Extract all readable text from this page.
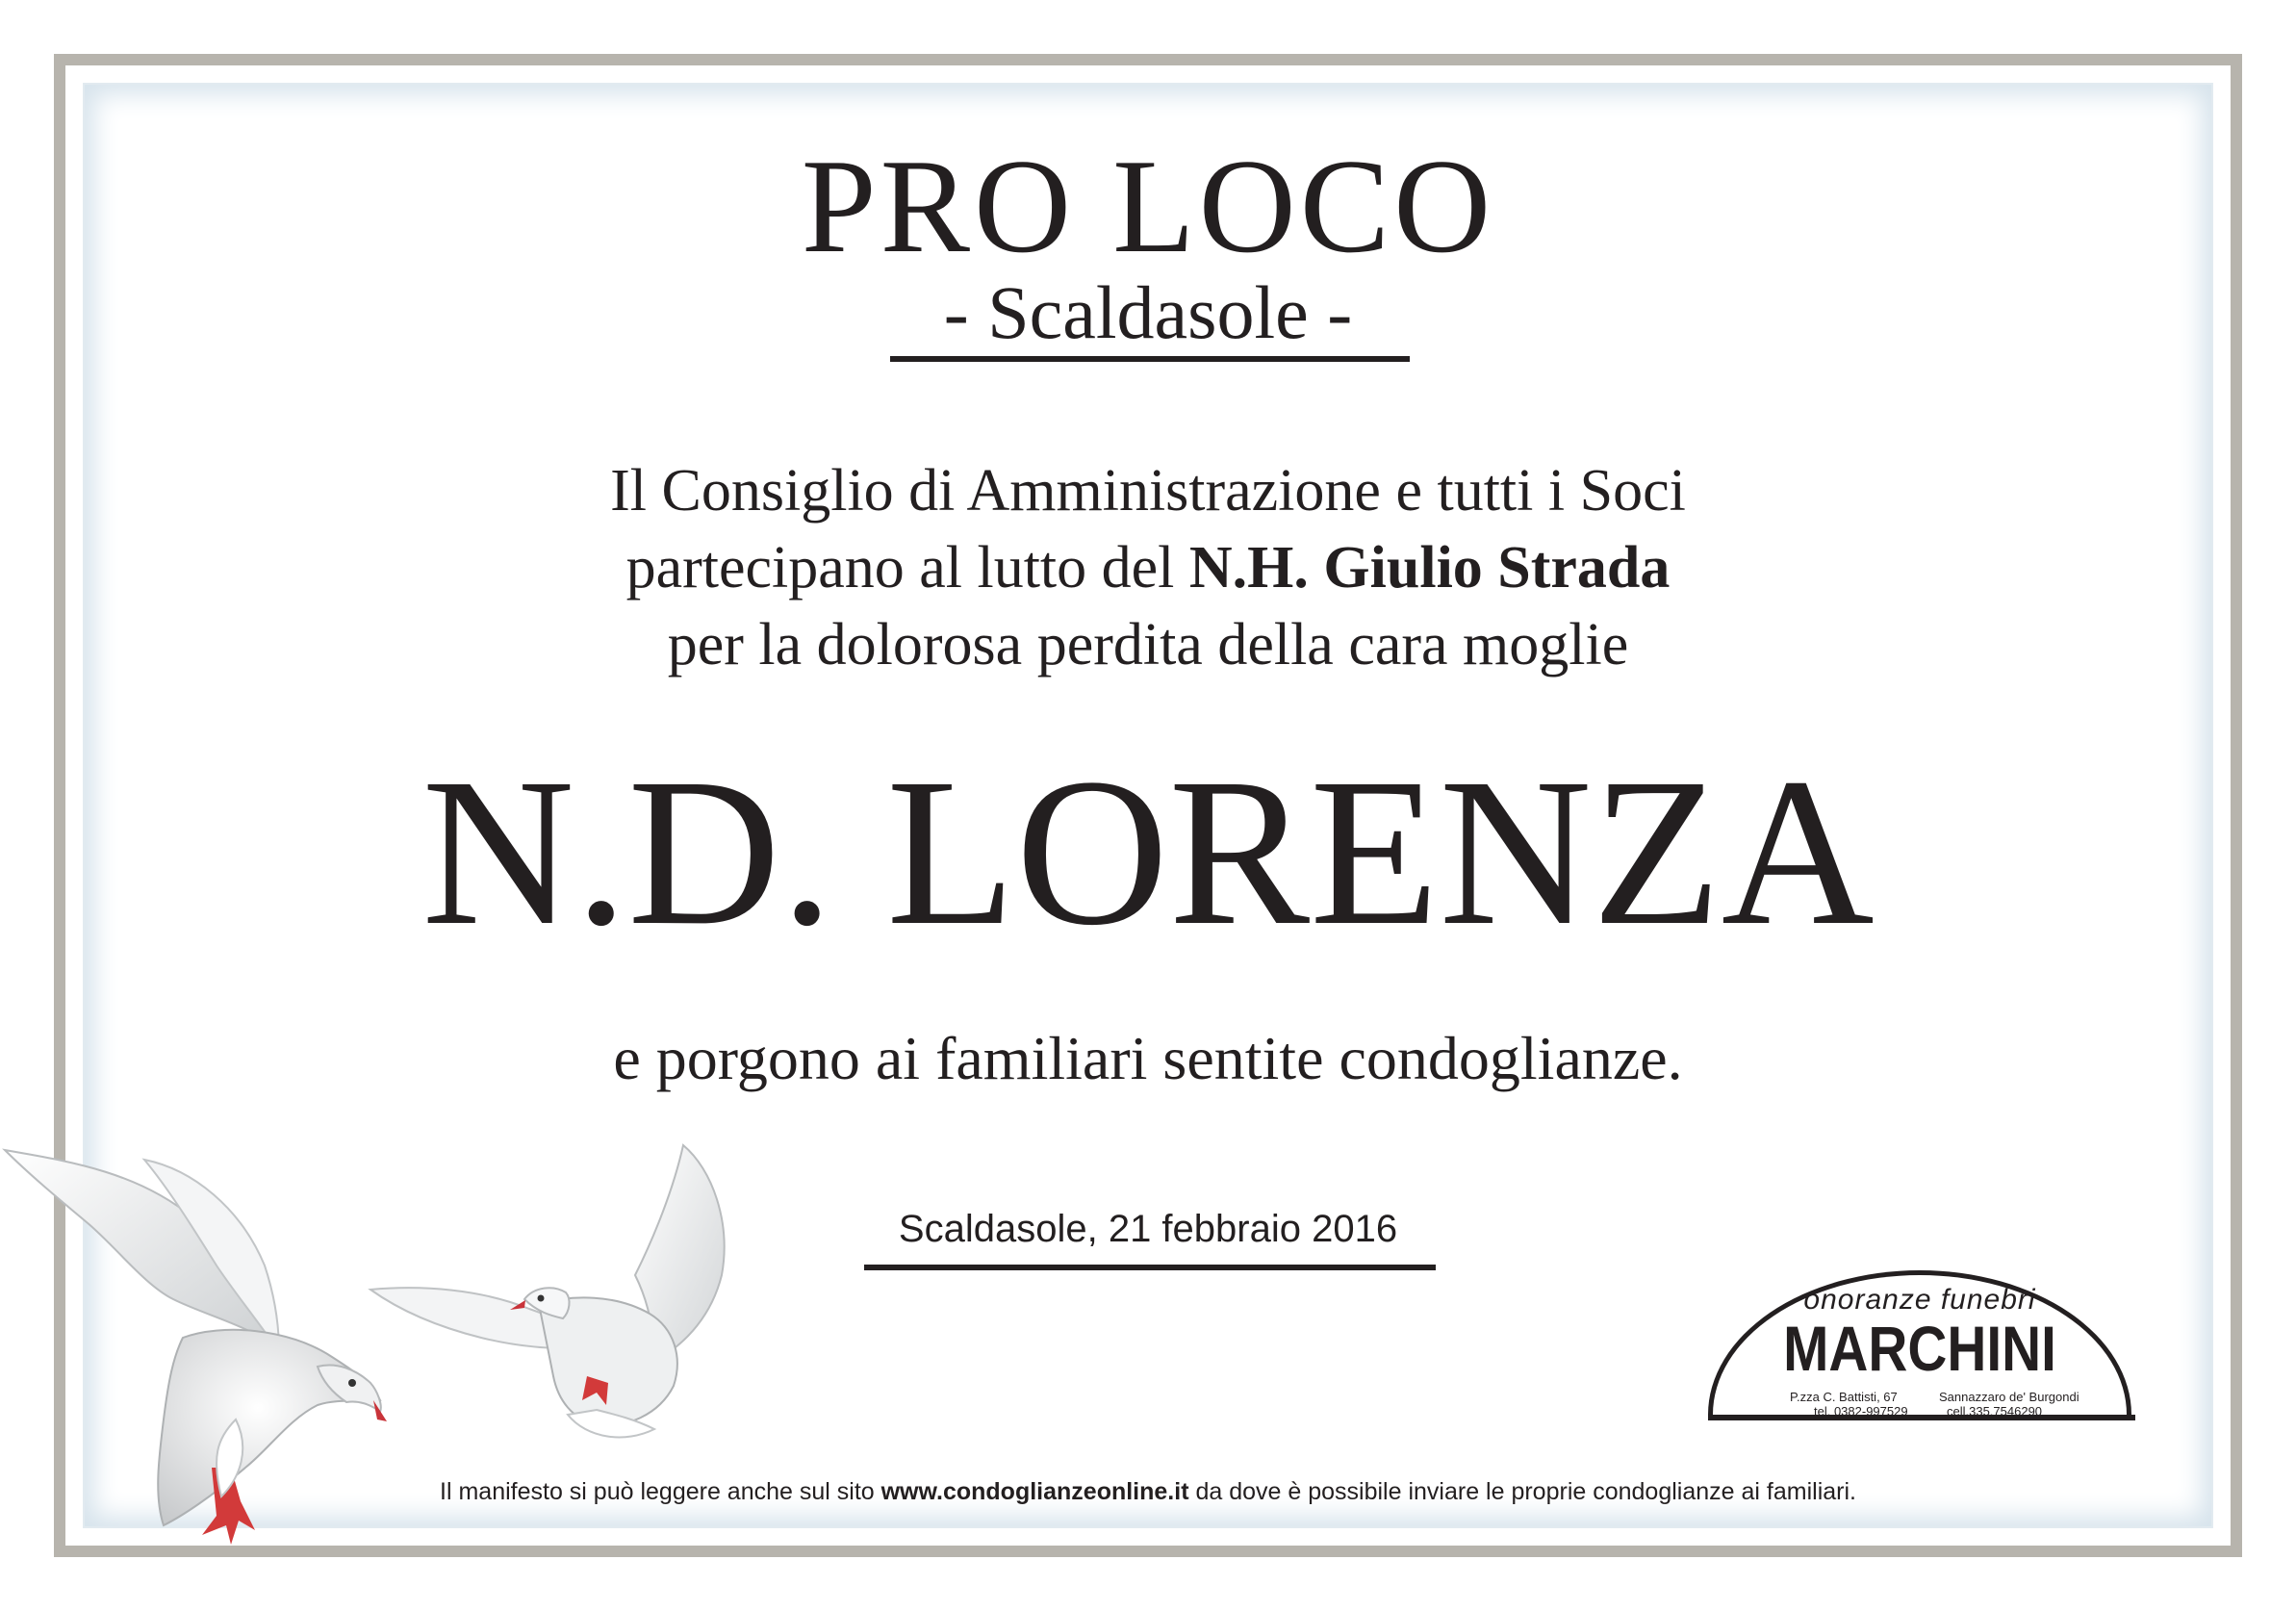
PRO LOCO
- Scaldasole -
Il Consiglio di Amministrazione e tutti i Soci
partecipano al lutto del N.H. Giulio Strada
per la dolorosa perdita della cara moglie
N.D. LORENZA
e porgono ai familiari sentite condoglianze.
Scaldasole, 21 febbraio 2016
onoranze funebri
MARCHINI
P.zza C. Battisti, 67	Sannazzaro de' Burgondi
tel. 0382-997529	cell.335.7546290
Il manifesto si può leggere anche sul sito www.condoglianzeonline.it da dove è possibile inviare le proprie condoglianze ai familiari.
